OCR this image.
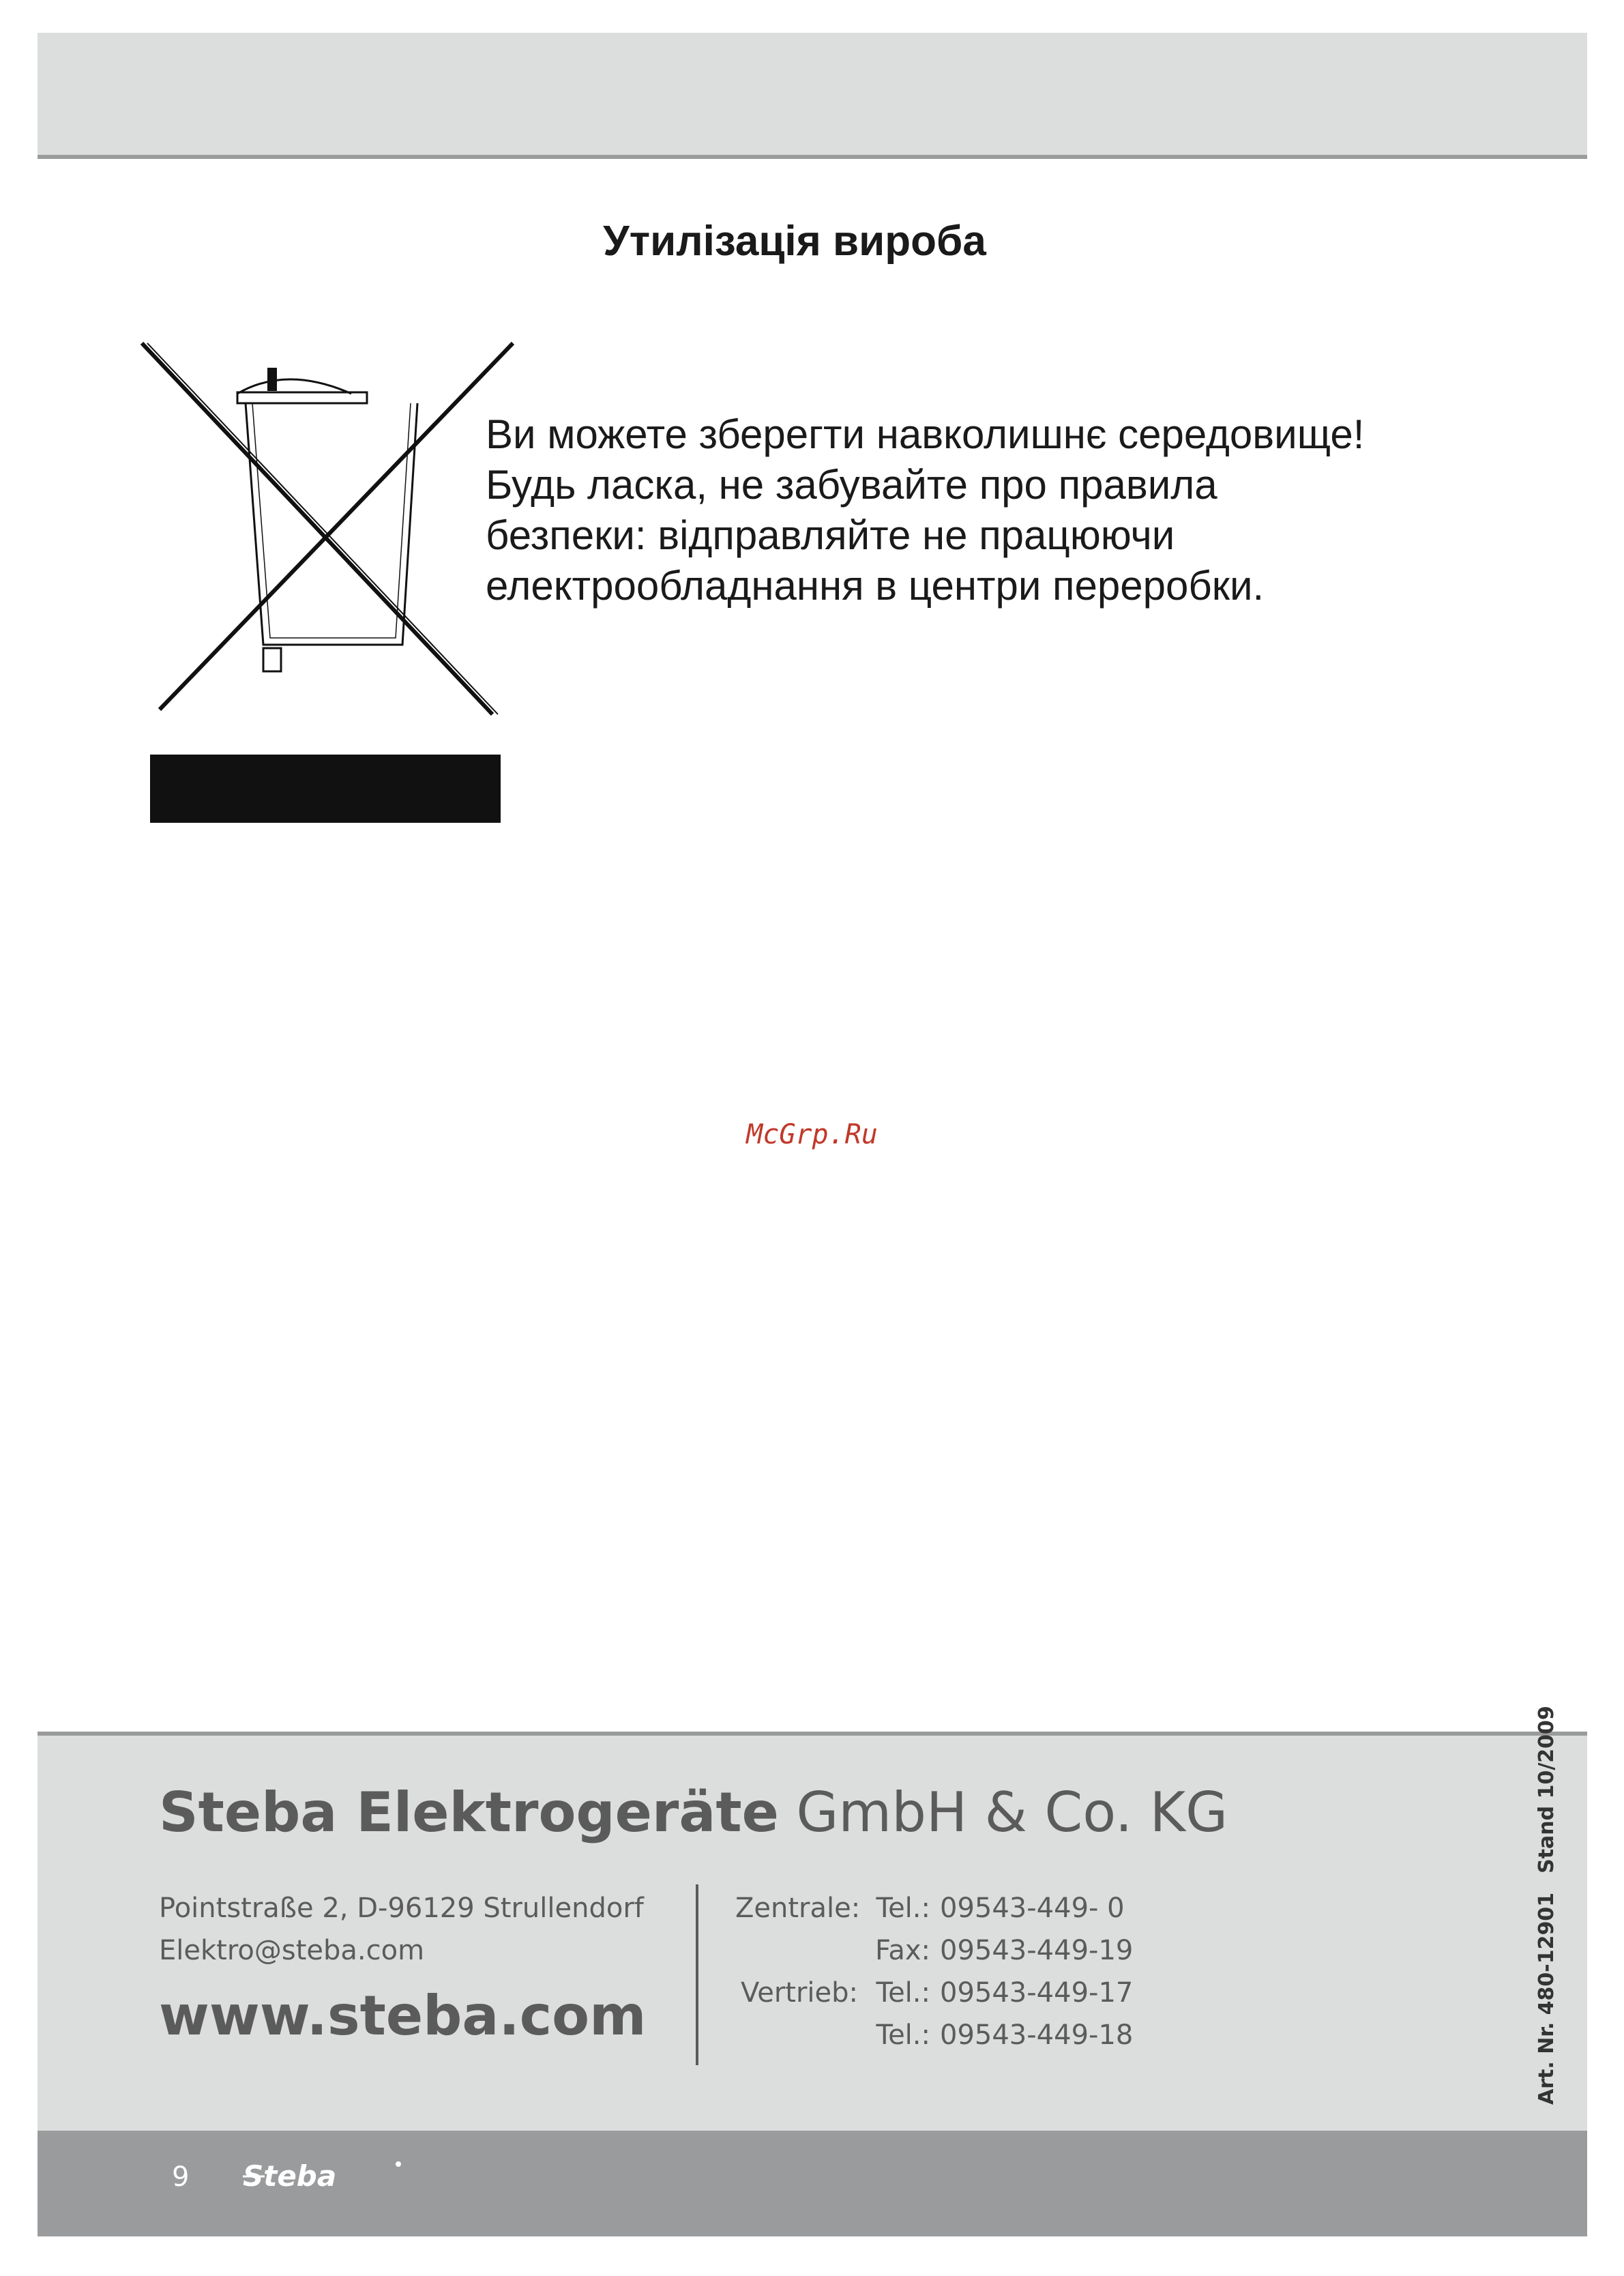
Утилізація вироба
Ви можете зберегти навколишнє середовище!
Будь ласка, не забувайте про правила
безпеки: відправляйте не працюючи
електрообладнання в центри переробки.
McGrp.Ru
Steba Elektrogeräte GmbH & Co. KG
Pointstraße 2, D-96129 Strullendorf
Elektro@steba.com
www.steba.com
Zentrale: Tel.: 09543-449- 0
Fax: 09543-449-19
Vertrieb: Tel.: 09543-449-17
Tel.: 09543-449-18	Art. Nr. 480-12901
Stand 10/2009
9 Steba
